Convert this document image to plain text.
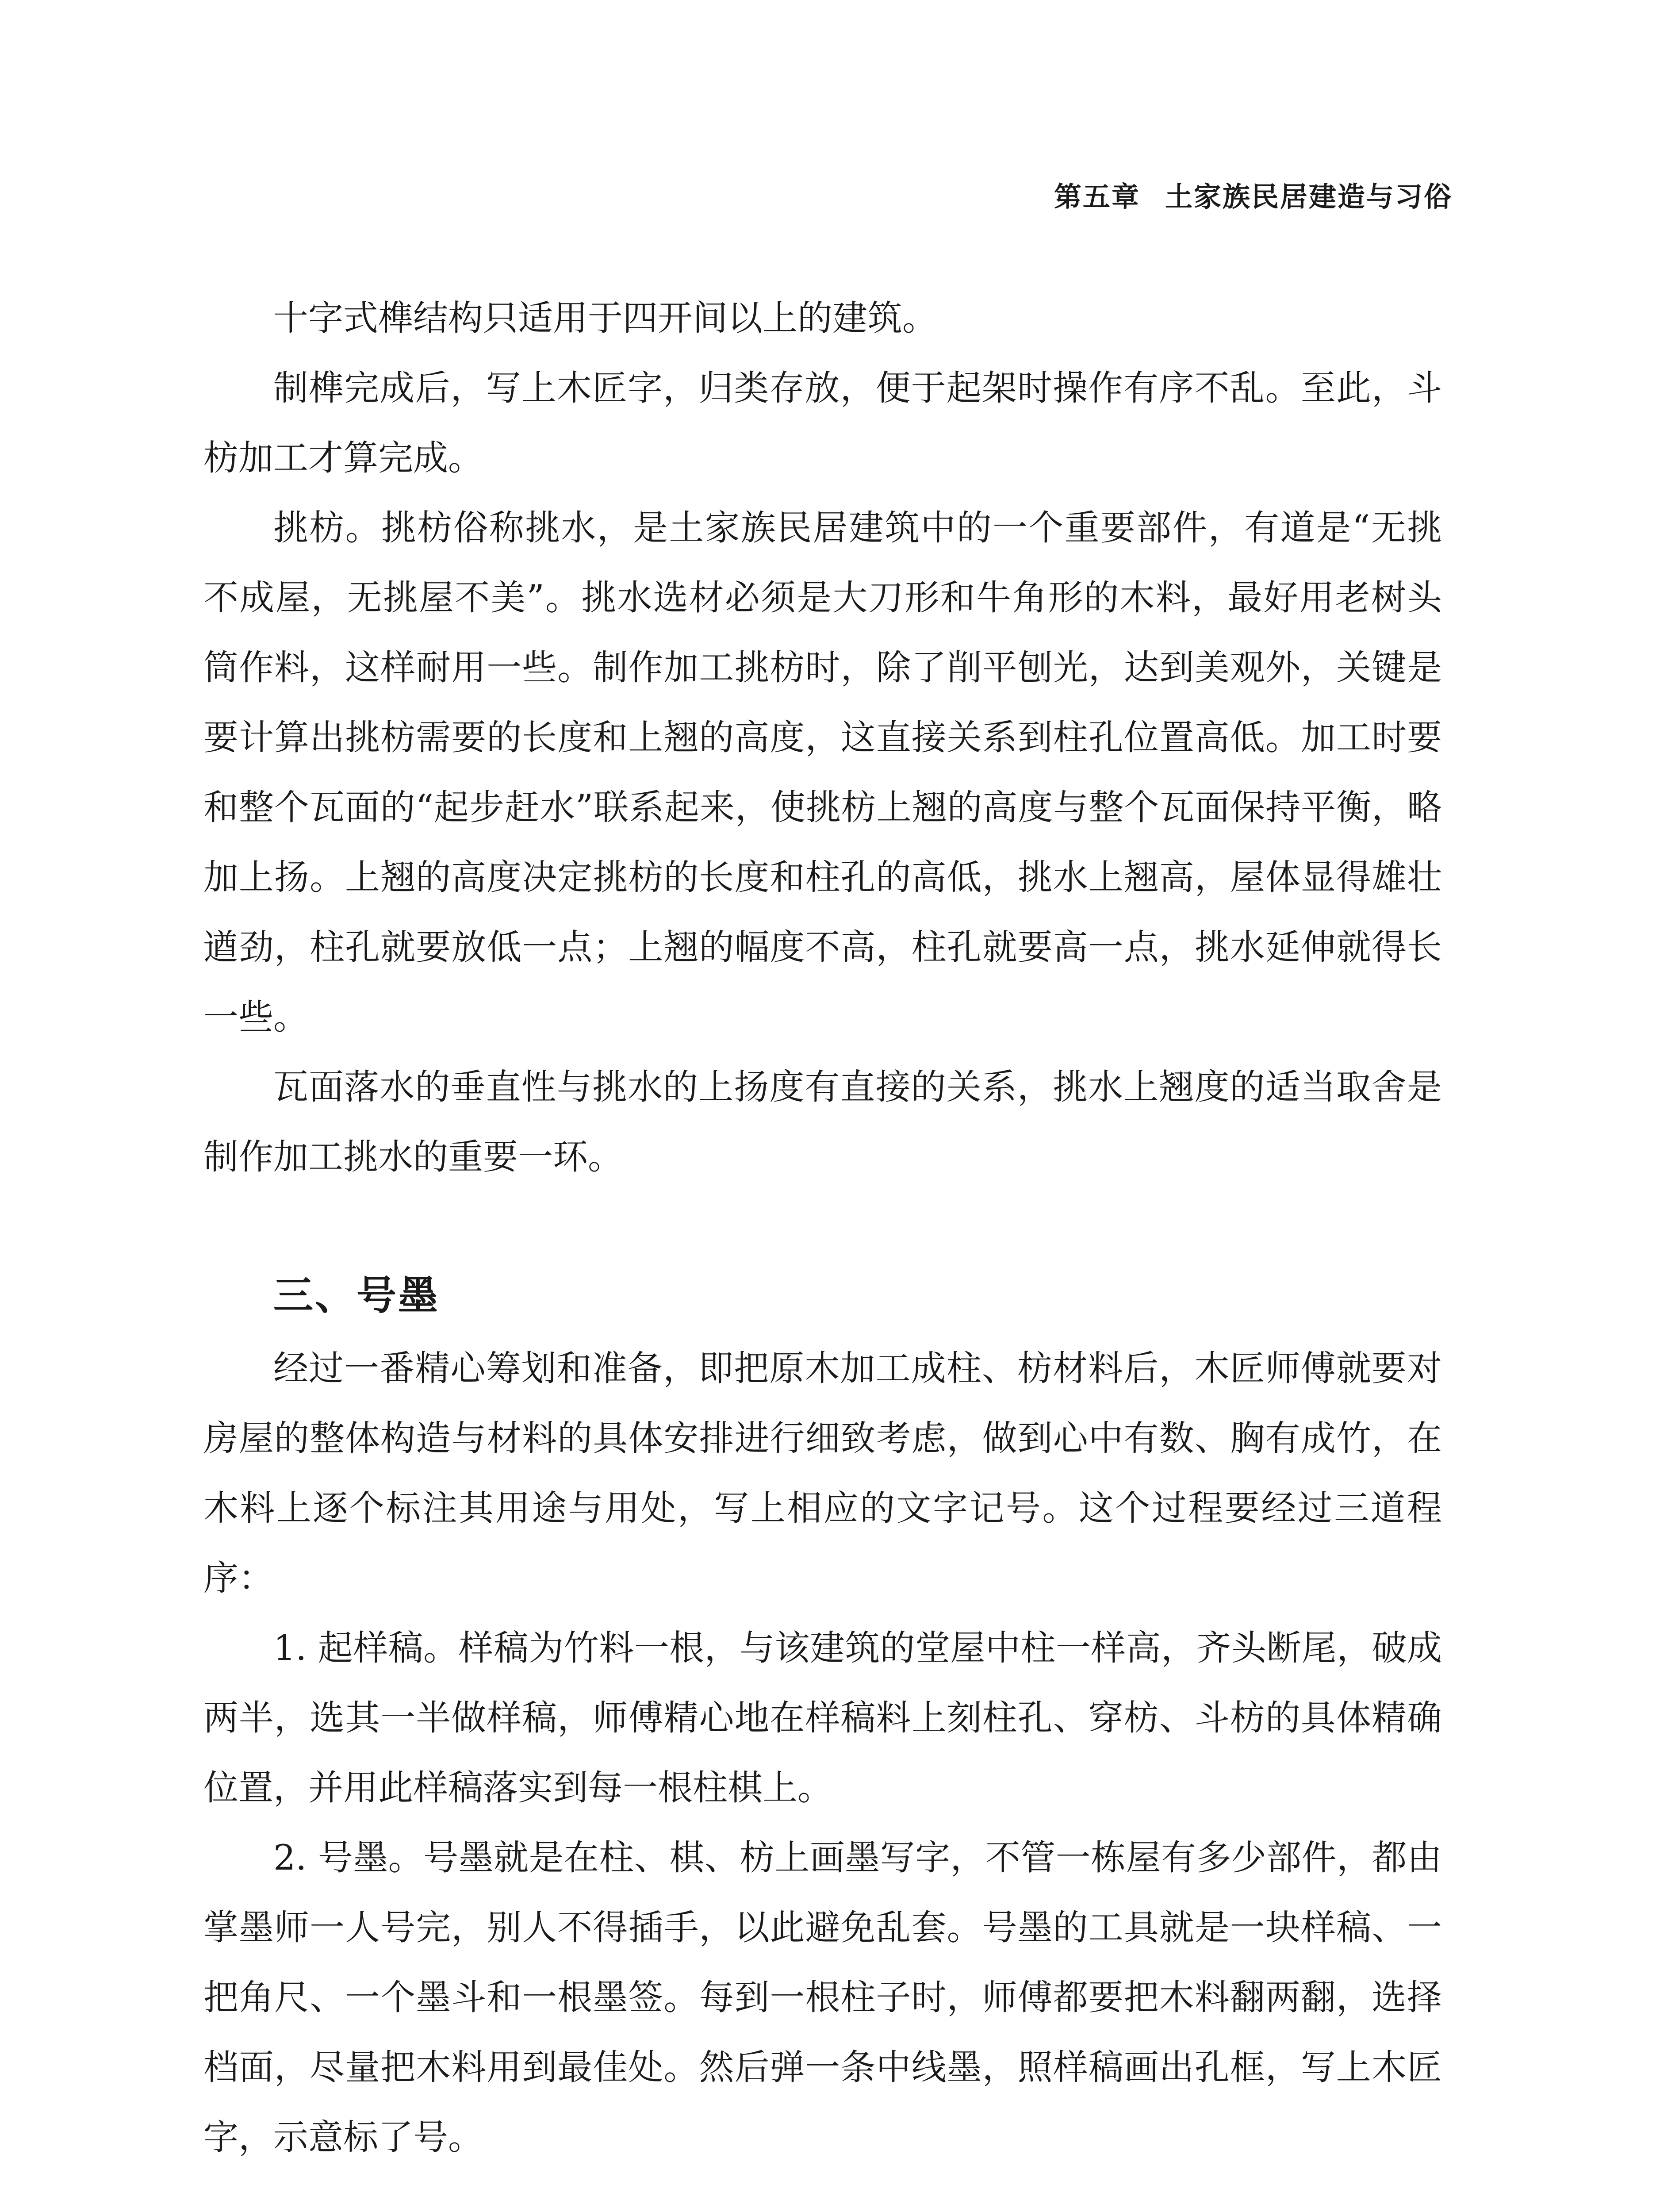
第五章 土家族民居建造与习俗

十字式榫结构只适用于四开间以上的建筑。

制榫完成后，写上木匠字，归类存放，便于起架时操作有序不乱。至此，斗枋加工才算完成。

挑枋。挑枋俗称挑水，是土家族民居建筑中的一个重要部件，有道是“无挑不成屋，无挑屋不美”。挑水选材必须是大刀形和牛角形的木料，最好用老树头筒作料，这样耐用一些。制作加工挑枋时，除了削平刨光，达到美观外，关键是要计算出挑枋需要的长度和上翘的高度，这直接关系到柱孔位置高低。加工时要和整个瓦面的“起步赶水”联系起来，使挑枋上翘的高度与整个瓦面保持平衡，略加上扬。上翘的高度决定挑枋的长度和柱孔的高低，挑水上翘高，屋体显得雄壮遒劲，柱孔就要放低一点；上翘的幅度不高，柱孔就要高一点，挑水延伸就得长一些。

瓦面落水的垂直性与挑水的上扬度有直接的关系，挑水上翘度的适当取舍是制作加工挑水的重要一环。

三、号墨

经过一番精心筹划和准备，即把原木加工成柱、枋材料后，木匠师傅就要对房屋的整体构造与材料的具体安排进行细致考虑，做到心中有数、胸有成竹，在木料上逐个标注其用途与用处，写上相应的文字记号。这个过程要经过三道程序：

1. 起样稿。样稿为竹料一根，与该建筑的堂屋中柱一样高，齐头断尾，破成两半，选其一半做样稿，师傅精心地在样稿料上刻柱孔、穿枋、斗枋的具体精确位置，并用此样稿落实到每一根柱棋上。

2. 号墨。号墨就是在柱、棋、枋上画墨写字，不管一栋屋有多少部件，都由掌墨师一人号完，别人不得插手，以此避免乱套。号墨的工具就是一块样稿、一把角尺、一个墨斗和一根墨签。每到一根柱子时，师傅都要把木料翻两翻，选择档面，尽量把木料用到最佳处。然后弹一条中线墨，照样稿画出孔框，写上木匠字，示意标了号。
